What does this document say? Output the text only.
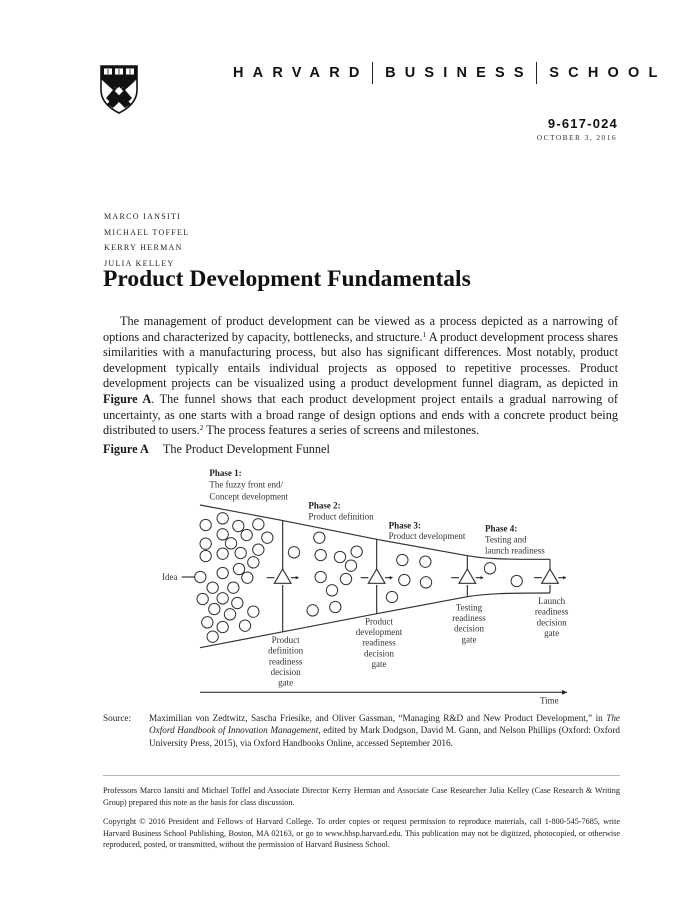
HARVARD BUSINESS SCHOOL
9-617-024
OCTOBER 3, 2016
MARCO IANSITI
MICHAEL TOFFEL
KERRY HERMAN
JULIA KELLEY
Product Development Fundamentals
The management of product development can be viewed as a process depicted as a narrowing of options and characterized by capacity, bottlenecks, and structure.$^1$ A product development process shares similarities with a manufacturing process, but also has significant differences. Most notably, product development typically entails individual projects as opposed to repetitive processes. Product development projects can be visualized using a product development funnel diagram, as depicted in Figure A. The funnel shows that each product development project entails a gradual narrowing of uncertainty, as one starts with a broad range of design options and ends with a concrete product being distributed to users.$^2$ The process features a series of screens and milestones.
Figure A The Product Development Funnel
Idea
Time
Phase 1:
The fuzzy front end/
Concept development
Phase 2:
Product definition
Phase 3:
Product development
Phase 4:
Testing and
launch readiness
Product
definition
readiness
decision
gate
Product
development
readiness
decision
gate
Testing
readiness
decision
gate
Launch
readiness
decision
gate
Source: Maximilian von Zedtwitz, Sascha Friesike, and Oliver Gassman, “Managing R&D and New Product Development,” in The Oxford Handbook of Innovation Management, edited by Mark Dodgson, David M. Gann, and Nelson Phillips (Oxford: Oxford University Press, 2015), via Oxford Handbooks Online, accessed September 2016.
Professors Marco Iansiti and Michael Toffel and Associate Director Kerry Herman and Associate Case Researcher Julia Kelley (Case Research & Writing Group) prepared this note as the basis for class discussion.
Copyright © 2016 President and Fellows of Harvard College. To order copies or request permission to reproduce materials, call 1-800-545-7685, write Harvard Business School Publishing, Boston, MA 02163, or go to www.hbsp.harvard.edu. This publication may not be digitized, photocopied, or otherwise reproduced, posted, or transmitted, without the permission of Harvard Business School.
